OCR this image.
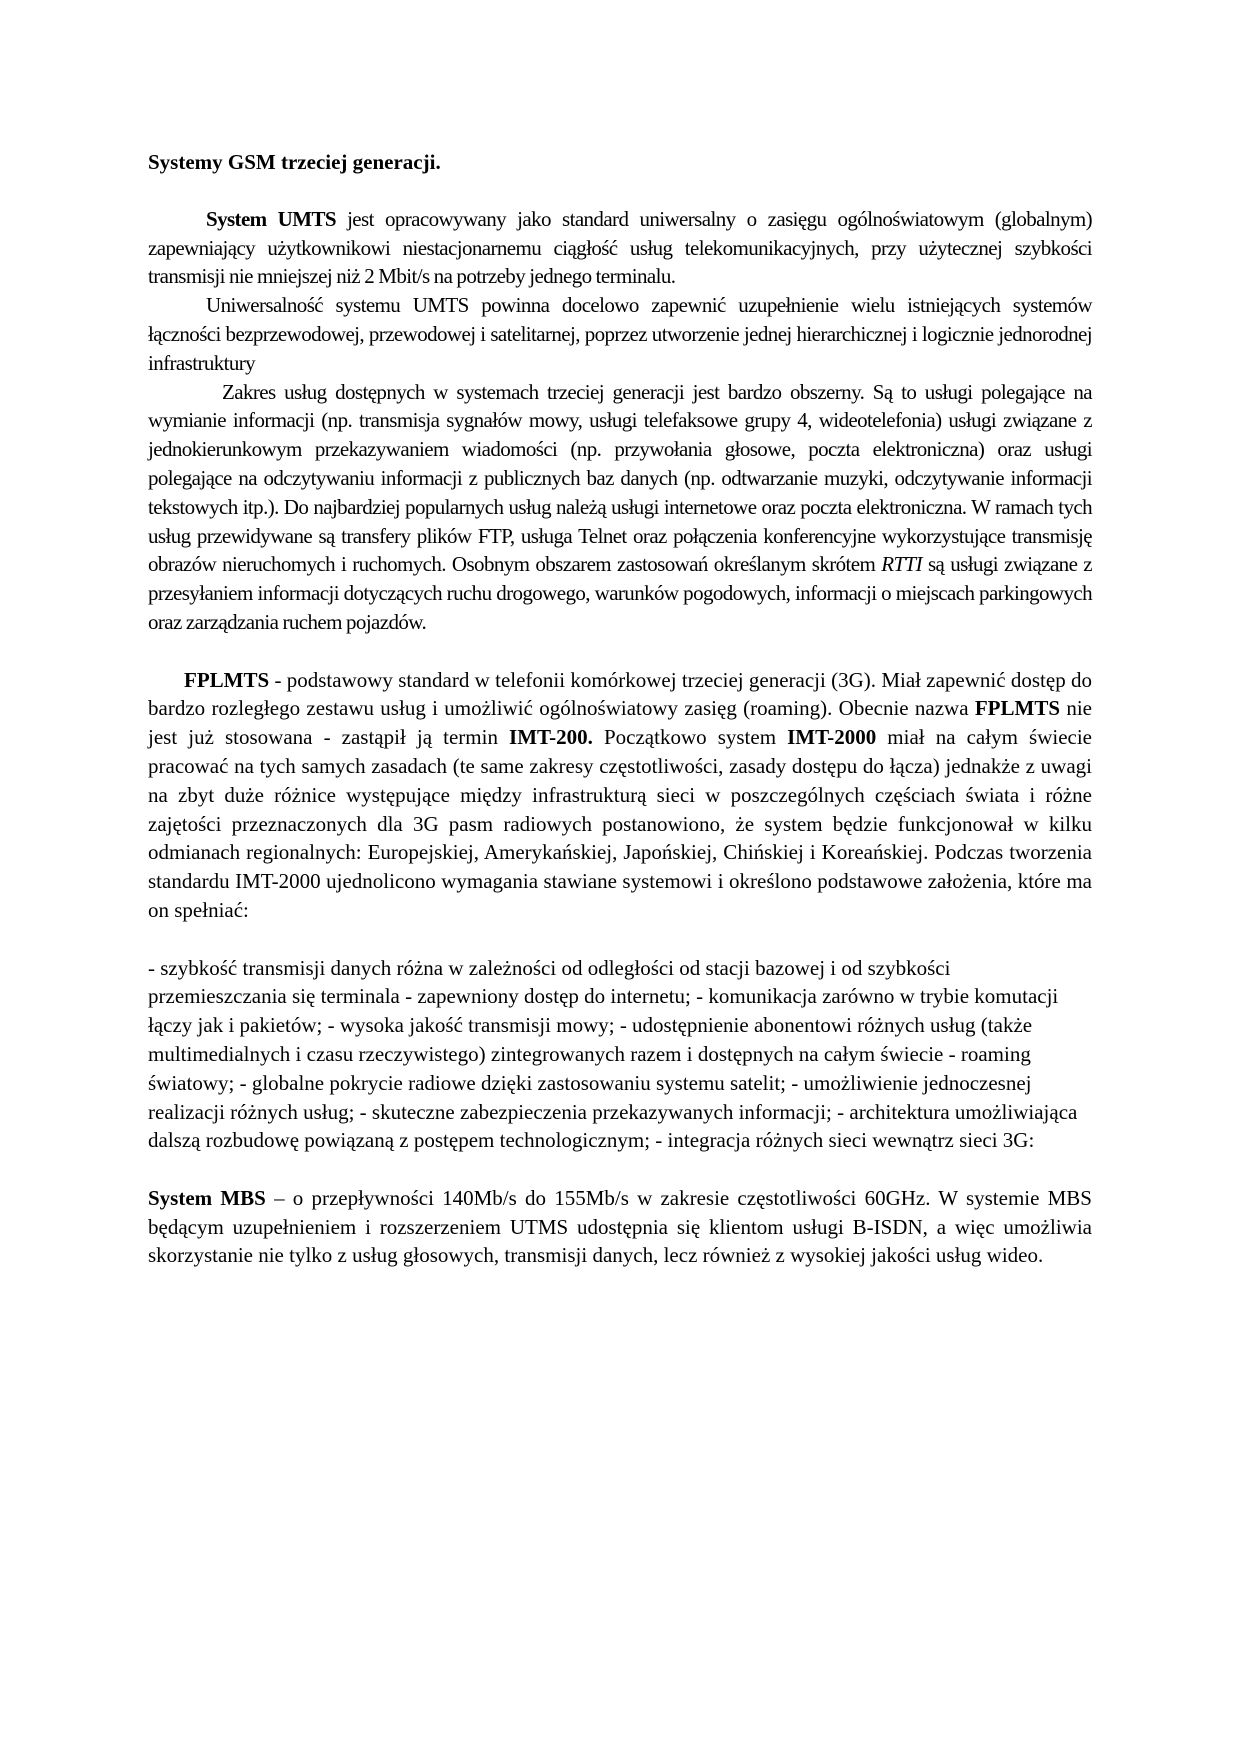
Systemy GSM trzeciej generacji.

System UMTS jest opracowywany jako standard uniwersalny o zasięgu ogólnoświatowym (globalnym) zapewniający użytkownikowi niestacjonarnemu ciągłość usług telekomunikacyjnych, przy użytecznej szybkości transmisji nie mniejszej niż 2 Mbit/s na potrzeby jednego terminalu.

Uniwersalność systemu UMTS powinna docelowo zapewnić uzupełnienie wielu istniejących systemów łączności bezprzewodowej, przewodowej i satelitarnej, poprzez utworzenie jednej hierarchicznej i logicznie jednorodnej infrastruktury

Zakres usług dostępnych w systemach trzeciej generacji jest bardzo obszerny. Są to usługi polegające na wymianie informacji (np. transmisja sygnałów mowy, usługi telefaksowe grupy 4, wideotelefonia) usługi związane z jednokierunkowym przekazywaniem wiadomości (np. przywołania głosowe, poczta elektroniczna) oraz usługi polegające na odczytywaniu informacji z publicznych baz danych (np. odtwarzanie muzyki, odczytywanie informacji tekstowych itp.). Do najbardziej popularnych usług należą usługi internetowe oraz poczta elektroniczna. W ramach tych usług przewidywane są transfery plików FTP, usługa Telnet oraz połączenia konferencyjne wykorzystujące transmisję obrazów nieruchomych i ruchomych. Osobnym obszarem zastosowań określanym skrótem RTTI są usługi związane z przesyłaniem informacji dotyczących ruchu drogowego, warunków pogodowych, informacji o miejscach parkingowych oraz zarządzania ruchem pojazdów.

FPLMTS - podstawowy standard w telefonii komórkowej trzeciej generacji (3G). Miał zapewnić dostęp do bardzo rozległego zestawu usług i umożliwić ogólnoświatowy zasięg (roaming). Obecnie nazwa FPLMTS nie jest już stosowana - zastąpił ją termin IMT-200. Początkowo system IMT-2000 miał na całym świecie pracować na tych samych zasadach (te same zakresy częstotliwości, zasady dostępu do łącza) jednakże z uwagi na zbyt duże różnice występujące między infrastrukturą sieci w poszczególnych częściach świata i różne zajętości przeznaczonych dla 3G pasm radiowych postanowiono, że system będzie funkcjonował w kilku odmianach regionalnych: Europejskiej, Amerykańskiej, Japońskiej, Chińskiej i Koreańskiej. Podczas tworzenia standardu IMT-2000 ujednolicono wymagania stawiane systemowi i określono podstawowe założenia, które ma on spełniać:

- szybkość transmisji danych różna w zależności od odległości od stacji bazowej i od szybkości przemieszczania się terminala - zapewniony dostęp do internetu; - komunikacja zarówno w trybie komutacji łączy jak i pakietów; - wysoka jakość transmisji mowy; - udostępnienie abonentowi różnych usług (także multimedialnych i czasu rzeczywistego) zintegrowanych razem i dostępnych na całym świecie - roaming światowy; - globalne pokrycie radiowe dzięki zastosowaniu systemu satelit; - umożliwienie jednoczesnej realizacji różnych usług; - skuteczne zabezpieczenia przekazywanych informacji; - architektura umożliwiająca dalszą rozbudowę powiązaną z postępem technologicznym; - integracja różnych sieci wewnątrz sieci 3G:

System MBS – o przepływności 140Mb/s do 155Mb/s w zakresie częstotliwości 60GHz. W systemie MBS będącym uzupełnieniem i rozszerzeniem UTMS udostępnia się klientom usługi B-ISDN, a więc umożliwia skorzystanie nie tylko z usług głosowych, transmisji danych, lecz również z wysokiej jakości usług wideo.
